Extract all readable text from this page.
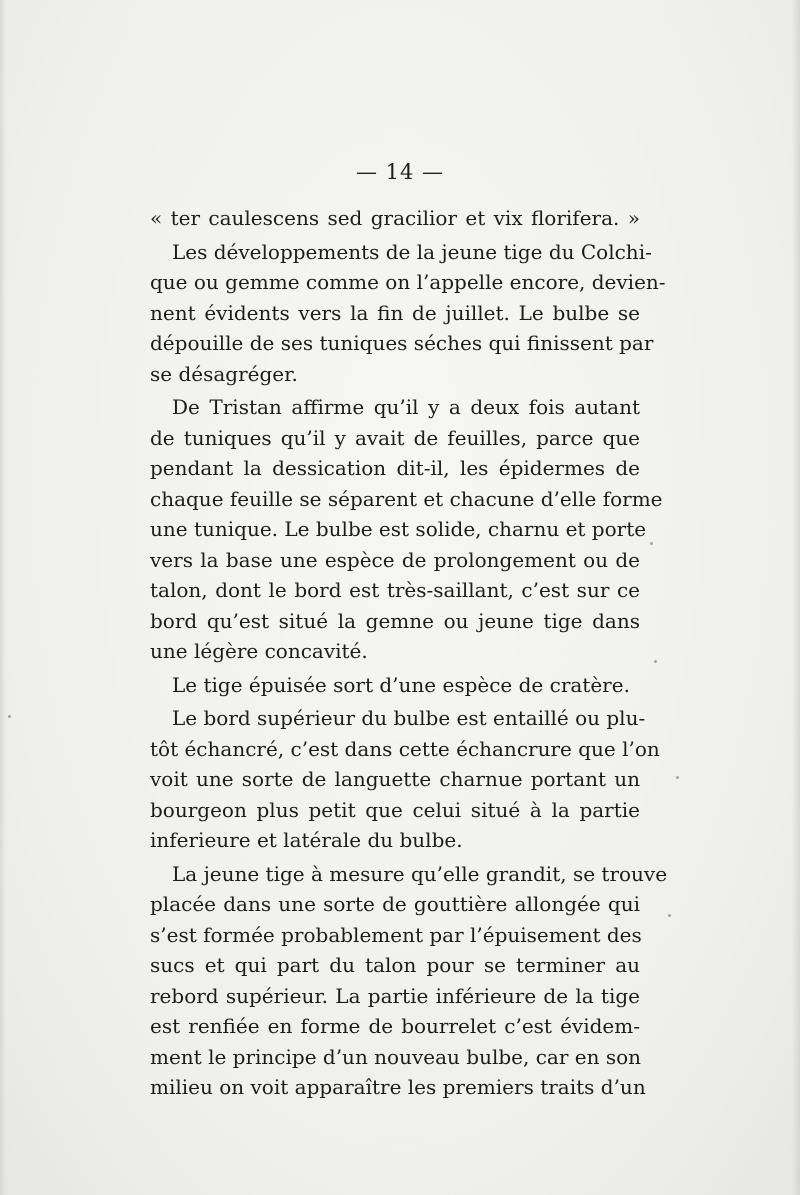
— 14 —
« ter caulescens sed gracilior et vix florifera. »
Les développements de la jeune tige du Colchi-
que ou gemme comme on l’appelle encore, devien-
nent évidents vers la fin de juillet. Le bulbe se
dépouille de ses tuniques séches qui finissent par
se désagréger.
De Tristan affirme qu’il y a deux fois autant
de tuniques qu’il y avait de feuilles, parce que
pendant la dessication dit-il, les épidermes de
chaque feuille se séparent et chacune d’elle forme
une tunique. Le bulbe est solide, charnu et porte
vers la base une espèce de prolongement ou de
talon, dont le bord est très-saillant, c’est sur ce
bord qu’est situé la gemne ou jeune tige dans
une légère concavité.
Le tige épuisée sort d’une espèce de cratère.
Le bord supérieur du bulbe est entaillé ou plu-
tôt échancré, c’est dans cette échancrure que l’on
voit une sorte de languette charnue portant un
bourgeon plus petit que celui situé à la partie
inferieure et latérale du bulbe.
La jeune tige à mesure qu’elle grandit, se trouve
placée dans une sorte de gouttière allongée qui
s’est formée probablement par l’épuisement des
sucs et qui part du talon pour se terminer au
rebord supérieur. La partie inférieure de la tige
est renfiée en forme de bourrelet c’est évidem-
ment le principe d’un nouveau bulbe, car en son
milieu on voit apparaître les premiers traits d’un
